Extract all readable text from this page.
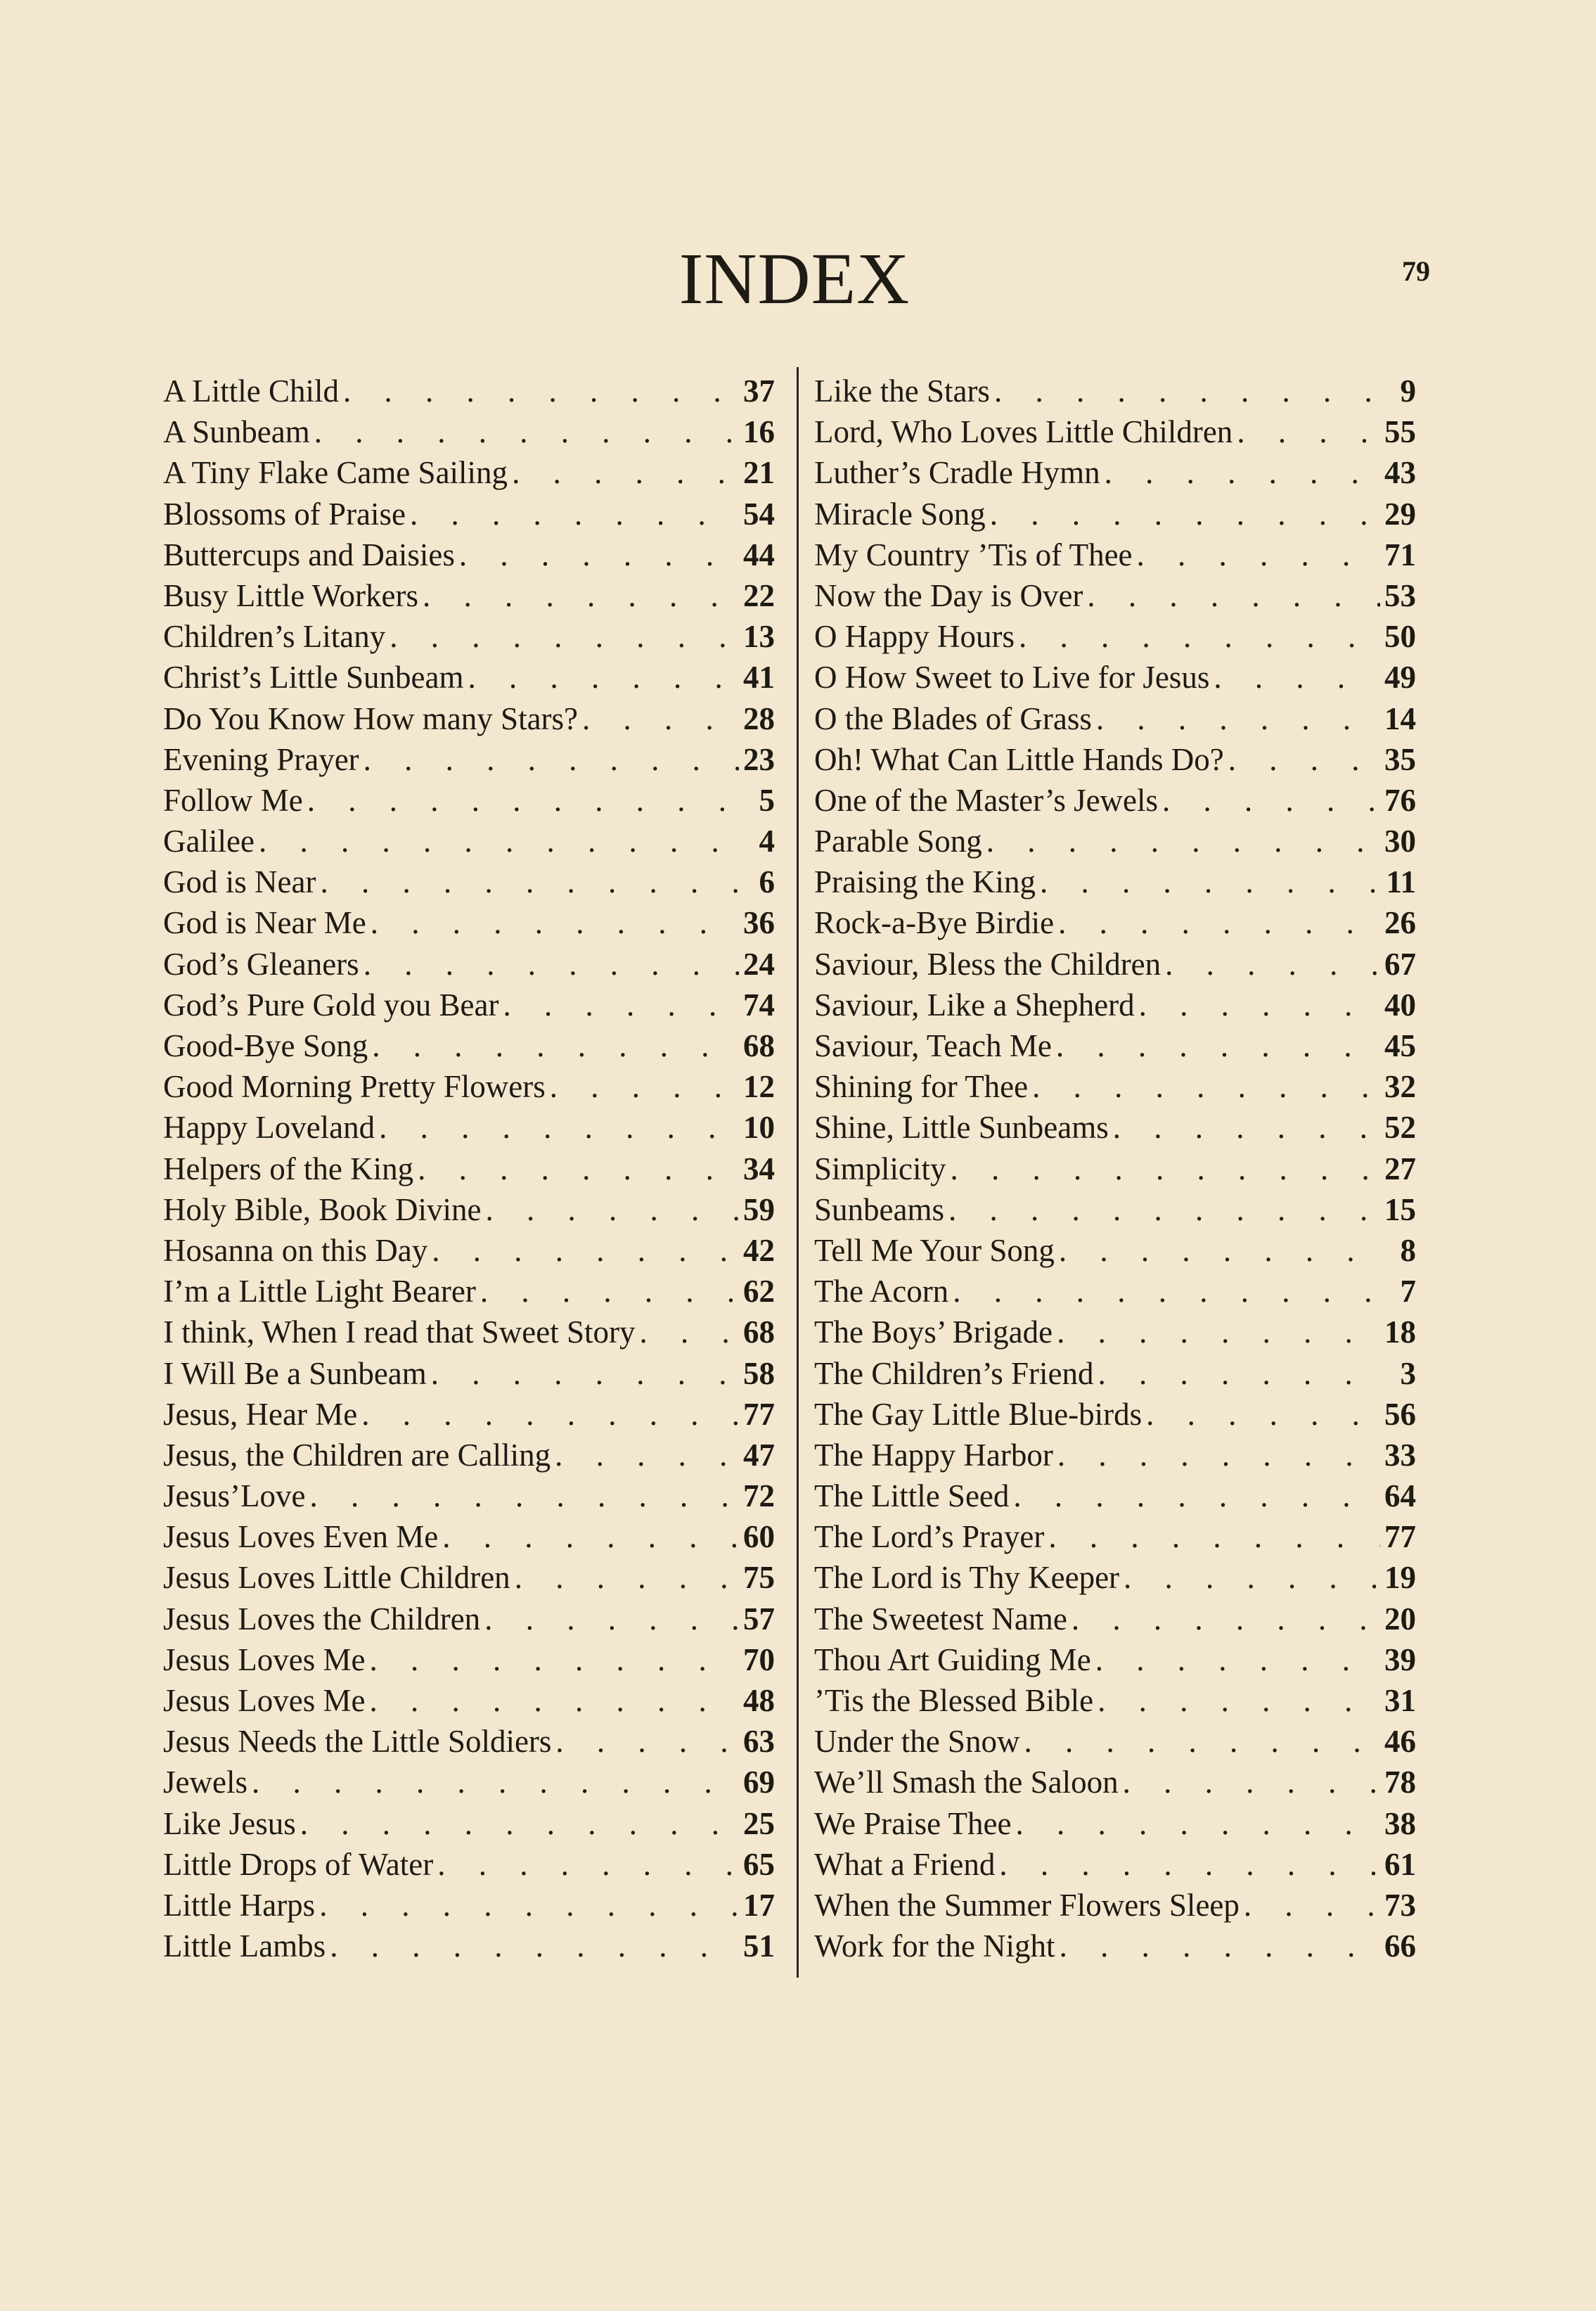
INDEX	79
A Little Child . . .	37
A Sunbeam . . .	16
A Tiny Flake Came Sailing . . .	21
Blossoms of Praise . . .	54
Buttercups and Daisies . . .	44
Busy Little Workers . . .	22
Children’s Litany . . .	13
Christ’s Little Sunbeam . . .	41
Do You Know How many Stars? . . .	28
Evening Prayer . . .	23
Follow Me . . .	5
Galilee . . .	4
God is Near . . .	6
God is Near Me . . .	36
God’s Gleaners . . .	24
God’s Pure Gold you Bear . . .	74
Good-Bye Song . . .	68
Good Morning Pretty Flowers . . .	12
Happy Loveland . . .	10
Helpers of the King . . .	34
Holy Bible, Book Divine . . .	59
Hosanna on this Day . . .	42
I’m a Little Light Bearer . . .	62
I think, When I read that Sweet Story . . .	68
I Will Be a Sunbeam . . .	58
Jesus, Hear Me . . .	77
Jesus, the Children are Calling . . .	47
Jesus’Love . . .	72
Jesus Loves Even Me . . .	60
Jesus Loves Little Children . . .	75
Jesus Loves the Children . . .	57
Jesus Loves Me . . .	70
Jesus Loves Me . . .	48
Jesus Needs the Little Soldiers . . .	63
Jewels . . .	69
Like Jesus . . .	25
Little Drops of Water . . .	65
Little Harps . . .	17
Little Lambs . . .	51
Like the Stars . . .	9
Lord, Who Loves Little Children . . .	55
Luther’s Cradle Hymn . . .	43
Miracle Song . . .	29
My Country ’Tis of Thee . . .	71
Now the Day is Over . . .	53
O Happy Hours . . .	50
O How Sweet to Live for Jesus . . .	49
O the Blades of Grass . . .	14
Oh! What Can Little Hands Do? . . .	35
One of the Master’s Jewels . . .	76
Parable Song . . .	30
Praising the King . . .	11
Rock-a-Bye Birdie . . .	26
Saviour, Bless the Children . . .	67
Saviour, Like a Shepherd . . .	40
Saviour, Teach Me . . .	45
Shining for Thee . . .	32
Shine, Little Sunbeams . . .	52
Simplicity . . .	27
Sunbeams . . .	15
Tell Me Your Song . . .	8
The Acorn . . .	7
The Boys’ Brigade . . .	18
The Children’s Friend . . .	3
The Gay Little Blue-birds . . .	56
The Happy Harbor . . .	33
The Little Seed . . .	64
The Lord’s Prayer . . .	77
The Lord is Thy Keeper . . .	19
The Sweetest Name . . .	20
Thou Art Guiding Me . . .	39
’Tis the Blessed Bible . . .	31
Under the Snow . . .	46
We’ll Smash the Saloon . . .	78
We Praise Thee . . .	38
What a Friend . . .	61
When the Summer Flowers Sleep . . .	73
Work for the Night . . .	66
